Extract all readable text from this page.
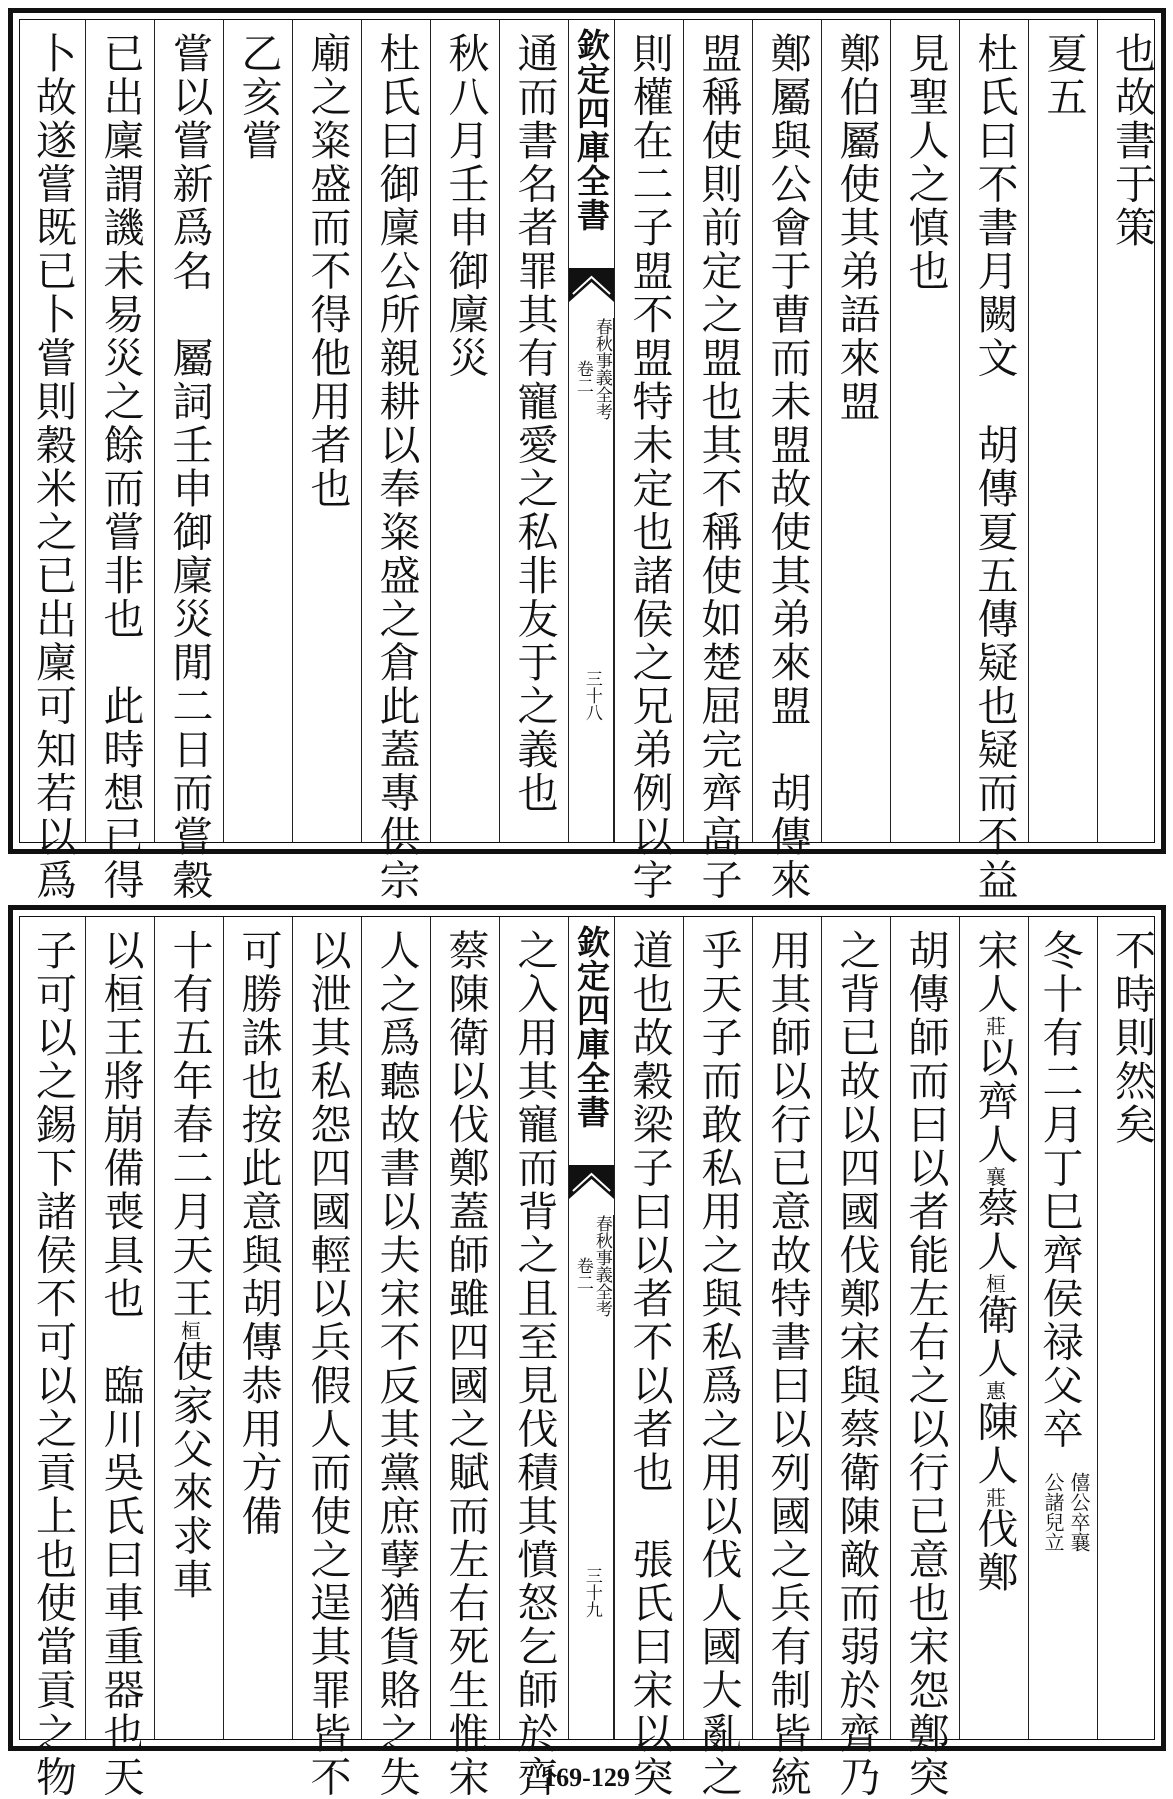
也故書于策
夏五
杜氏曰不書月闕文　胡傳夏五傳疑也疑而不益
見聖人之慎也
鄭伯屬使其弟語來盟
鄭屬與公會于曹而未盟故使其弟來盟　胡傳來
盟稱使則前定之盟也其不稱使如楚屈完齊高子
則權在二子盟不盟特未定也諸侯之兄弟例以字
欽定四庫全書
春秋事義全考
卷二
三十八
通而書名者罪其有寵愛之私非友于之義也
秋八月壬申御廩災
杜氏曰御廩公所親耕以奉粢盛之倉此蓋專供宗
廟之粢盛而不得他用者也
乙亥嘗
嘗以嘗新爲名　屬詞壬申御廩災閒二日而嘗穀
已出廩謂譏未易災之餘而嘗非也　此時想已得
卜故遂嘗既已卜嘗則穀米之已出廩可知若以爲
不時則然矣
冬十有二月丁巳齊侯禄父卒
僖公卒襄
公諸兒立
宋人莊以齊人襄蔡人桓衛人惠陳人莊伐鄭
胡傳師而曰以者能左右之以行已意也宋怨鄭突
之背已故以四國伐鄭宋與蔡衛陳敵而弱於齊乃
用其師以行已意故特書曰以列國之兵有制皆統
乎天子而敢私用之與私爲之用以伐人國大亂之
道也故穀梁子曰以者不以者也　張氏曰宋以突
欽定四庫全書
春秋事義全考
卷二
三十九
之入用其寵而背之且至見伐積其憤怒乞師於齊
蔡陳衛以伐鄭蓋師雖四國之賦而左右死生惟宋
人之爲聽故書以夫宋不反其黨庶孽猶貨賂之失
以泄其私怨四國輕以兵假人而使之逞其罪皆不
可勝誅也按此意與胡傳恭用方備
十有五年春二月天王桓使家父來求車
以桓王將崩備喪具也　臨川吳氏曰車重器也天
子可以之錫下諸侯不可以之貢上也使當貢之物	169-129
